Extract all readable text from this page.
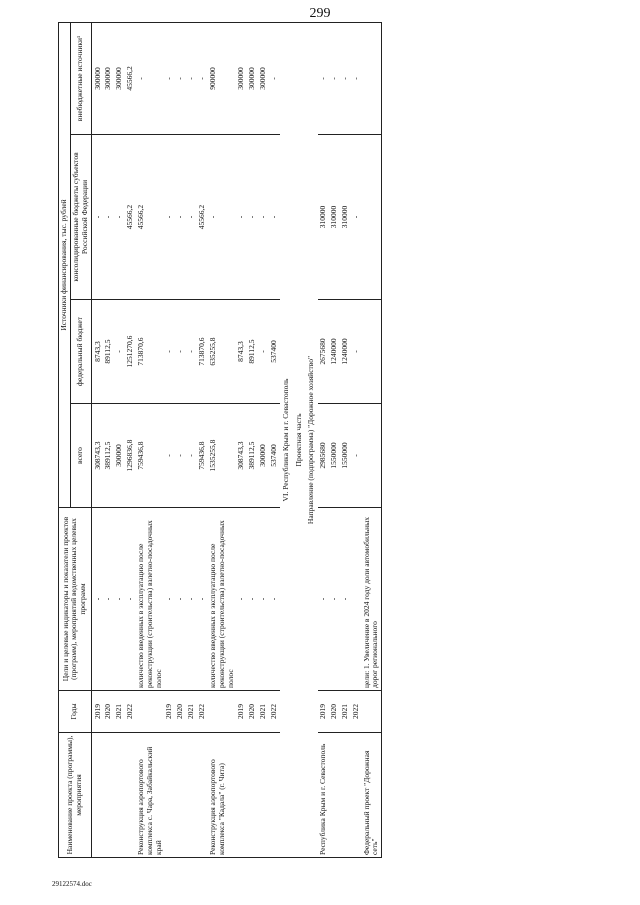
299
Наименование проекта (программы), мероприятия	Годы	Цели и целевые индикаторы и показатели проектов (программ), мероприятий ведомственных целевых программ	Источники финансирования, тыс. рублей			
			всего	федеральный бюджет	консолидированные бюджеты субъектов Российской Федерации	внебюджетные источники¹

	2019	-	308743,3	8743,3	-	300000
	2020	-	389112,5	89112,5	-	300000
	2021	-	300000	-	-	300000
	2022	-	1296836,8	1251270,6	45566,2	45566,2
Реконструкция аэропортового комплекса с. Чара, Забайкальский край		количество введенных в эксплуатацию после реконструкции (строительства) взлетно-посадочных полос	759436,8	713870,6	45566,2	-
	2019	-	-	-	-	-
	2020	-	-	-	-	-
	2021	-	-	-	-	-
	2022	-	759436,8	713870,6	45566,2	-
Реконструкция аэропортового комплекса "Кадала" (г. Чита)		количество введенных в эксплуатацию после реконструкции (строительства) взлетно-посадочных полос	1535255,8	635255,8	-	900000
	2019	-	308743,3	8743,3	-	300000
	2020	-	389112,5	89112,5	-	300000
	2021	-	300000	-	-	300000
	2022	-	537400	537400	-	-
VI. Республика Крым и г. Севастополь						
Проектная часть						
Направление (подпрограмма) "Дорожное хозяйство"						
Республика Крым и г. Севастополь	2019	-	2985680	2675680	310000	-
	2020	-	1550000	1240000	310000	-
	2021	-	1550000	1240000	310000	-
	2022		-	-	-	-
Федеральный проект "Дорожная сеть"		цели: 1. Увеличение в 2024 году доли автомобильных дорог регионального				
29122574.doc
